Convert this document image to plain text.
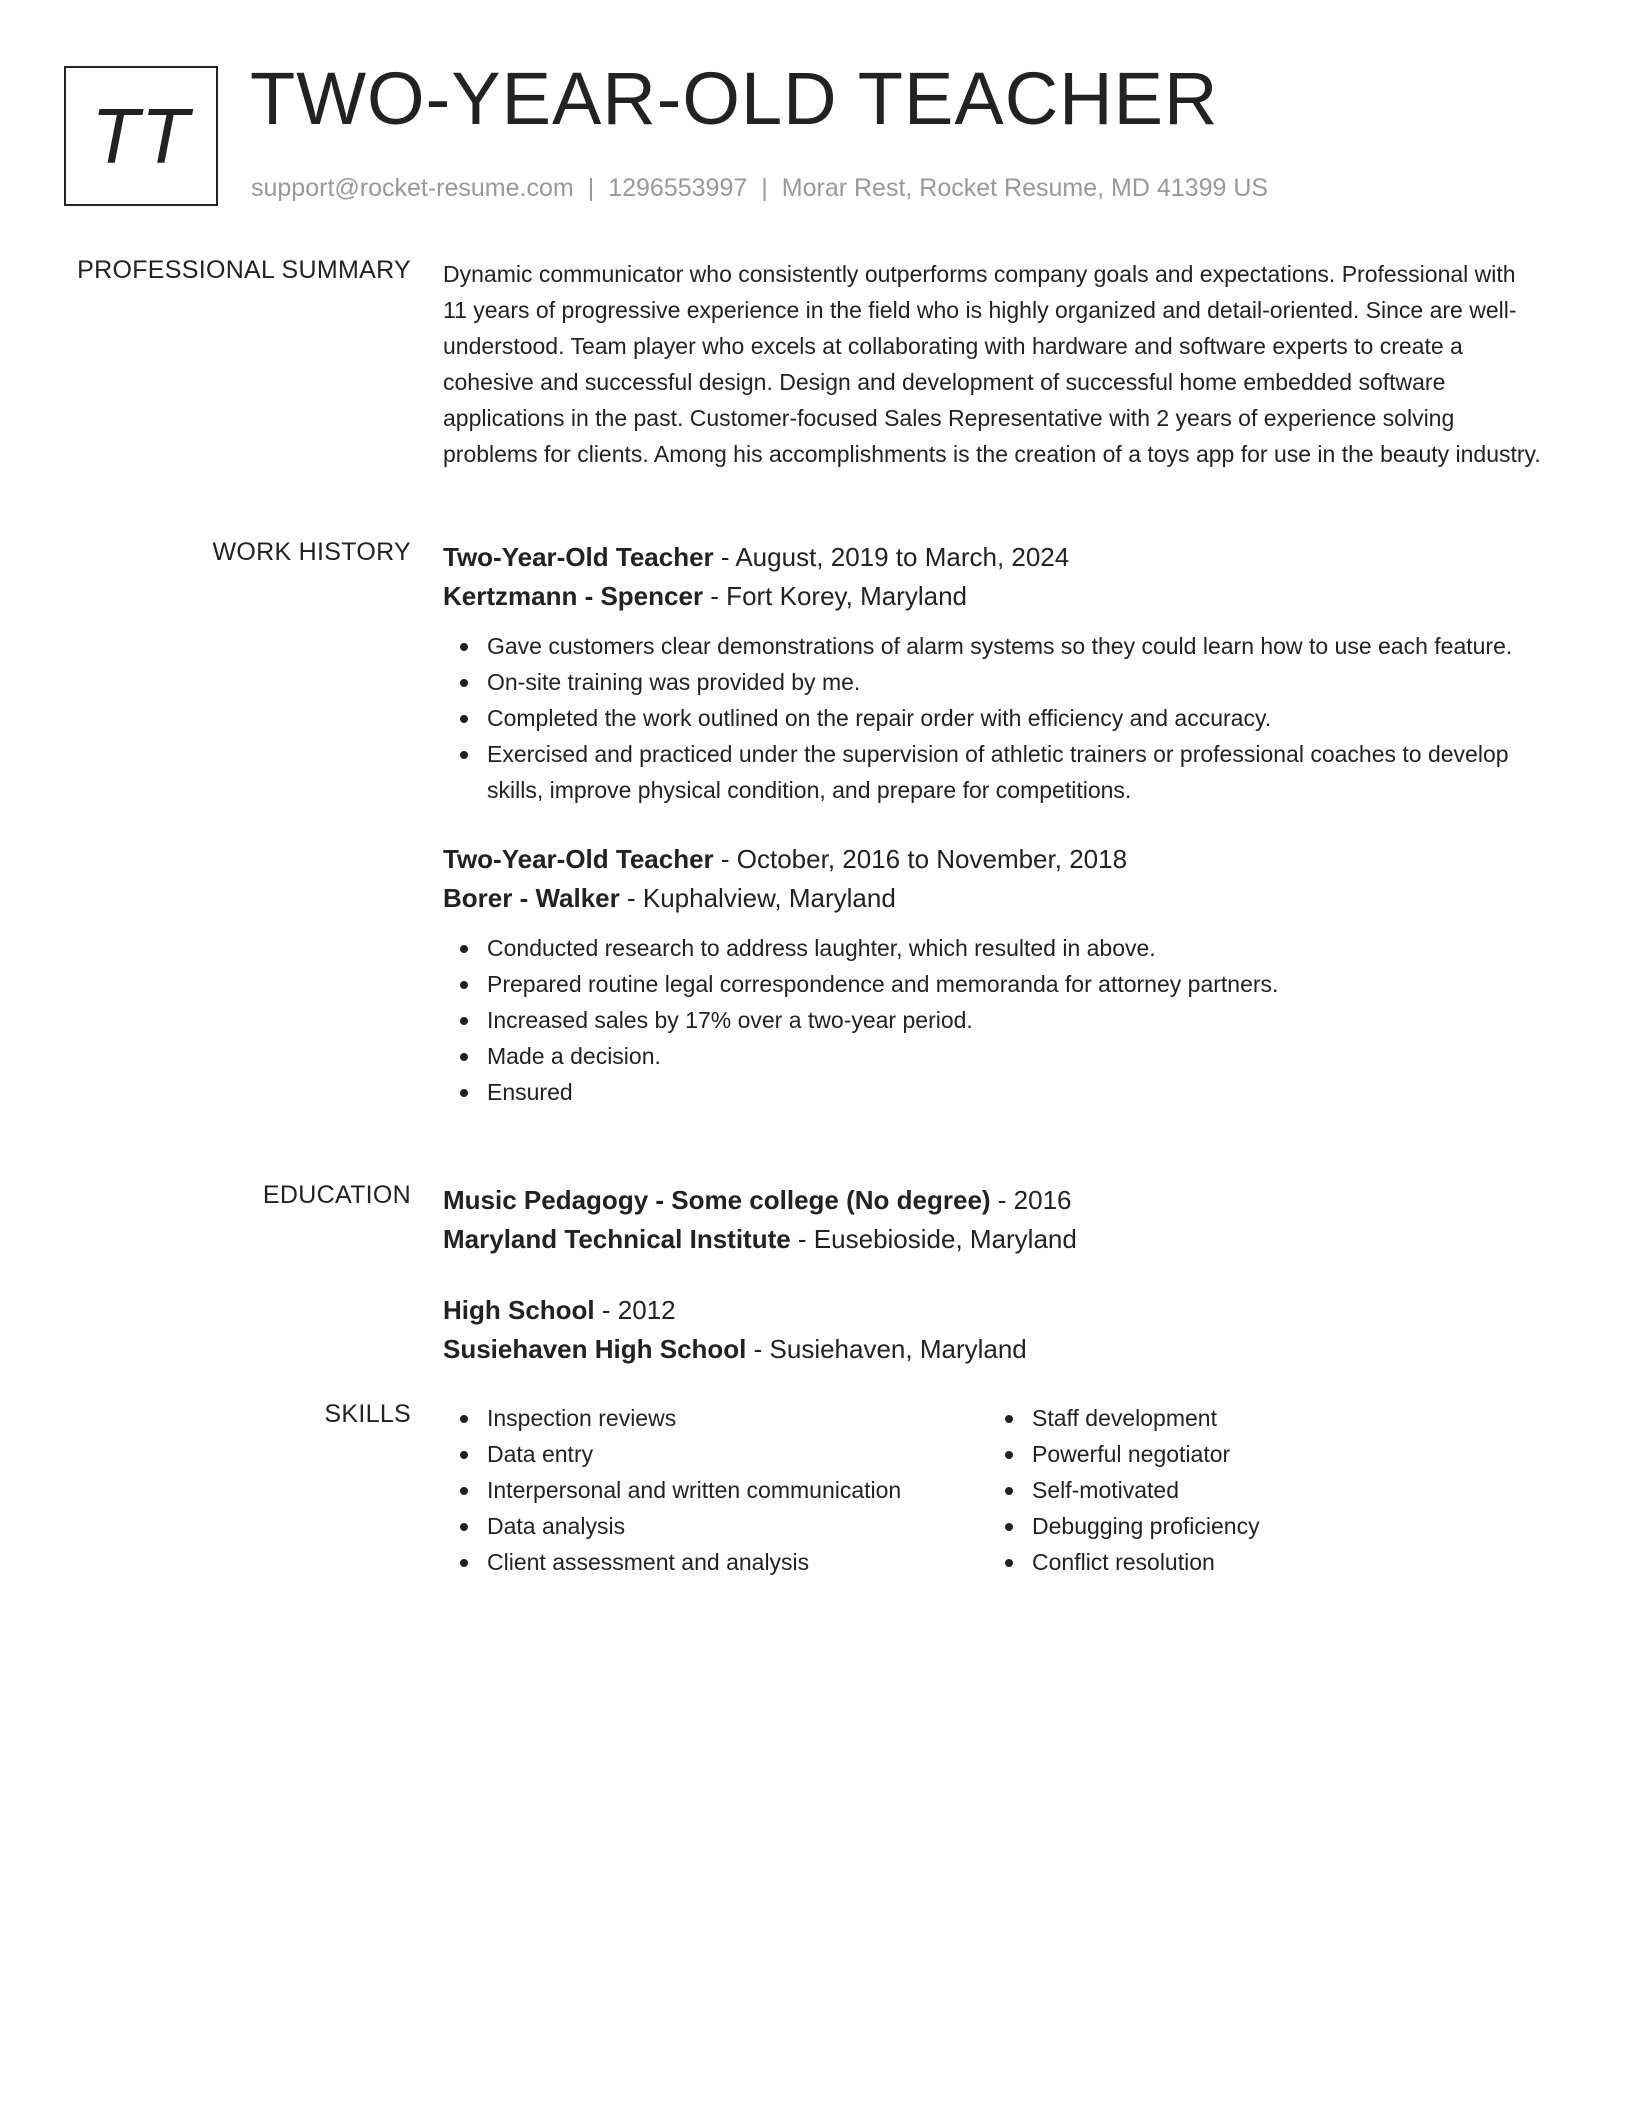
TT TWO-YEAR-OLD TEACHER
support@rocket-resume.com | 1296553997 | Morar Rest, Rocket Resume, MD 41399 US
PROFESSIONAL SUMMARY Dynamic communicator who consistently outperforms company goals and expectations. Professional with 11 years of progressive experience in the field who is highly organized and detail-oriented. Since are well-understood. Team player who excels at collaborating with hardware and software experts to create a cohesive and successful design. Design and development of successful home embedded software applications in the past. Customer-focused Sales Representative with 2 years of experience solving problems for clients. Among his accomplishments is the creation of a toys app for use in the beauty industry.

WORK HISTORY Two-Year-Old Teacher - August, 2019 to March, 2024
Kertzmann - Spencer - Fort Korey, Maryland
Gave customers clear demonstrations of alarm systems so they could learn how to use each feature.
On-site training was provided by me.
Completed the work outlined on the repair order with efficiency and accuracy.
Exercised and practiced under the supervision of athletic trainers or professional coaches to develop skills, improve physical condition, and prepare for competitions.
Two-Year-Old Teacher - October, 2016 to November, 2018
Borer - Walker - Kuphalview, Maryland
Conducted research to address laughter, which resulted in above.
Prepared routine legal correspondence and memoranda for attorney partners.
Increased sales by 17% over a two-year period.
Made a decision.
Ensured
EDUCATION Music Pedagogy - Some college (No degree) - 2016
Maryland Technical Institute - Eusebioside, Maryland
High School - 2012
Susiehaven High School - Susiehaven, Maryland
SKILLS	Inspection reviews
Data entry
Interpersonal and written communication
Data analysis
Client assessment and analysis
Staff development
Powerful negotiator
Self-motivated
Debugging proficiency
Conflict resolution
